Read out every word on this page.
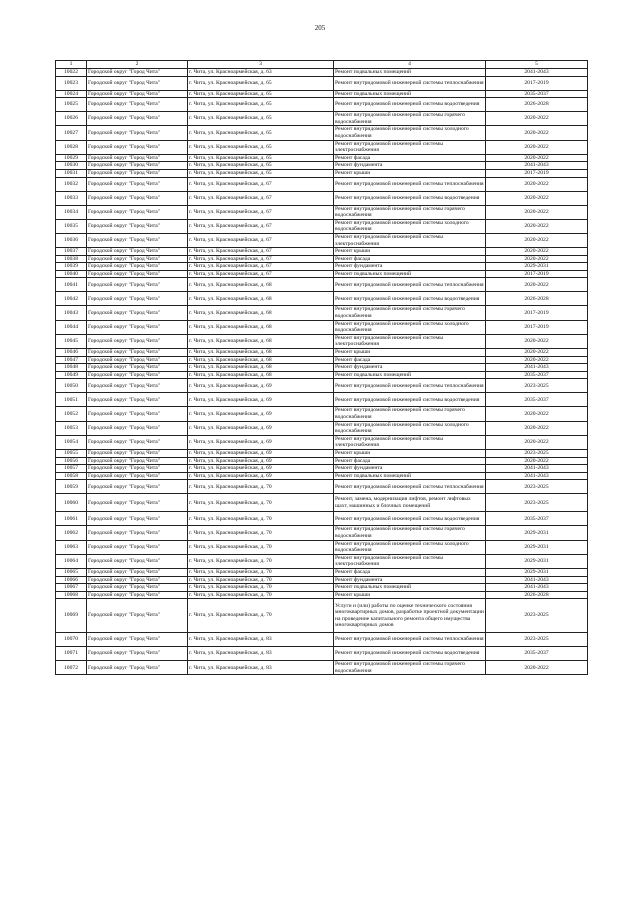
205
1	2	3	4	5
10022	Городской округ "Город Чита"	г. Чита, ул. Красноармейская, д. 63	Ремонт подвальных помещений	2041-2043
10023	Городской округ "Город Чита"	г. Чита, ул. Красноармейская, д. 65	Ремонт внутридомовой инженерной системы теплоснабжения	2017-2019
10024	Городской округ "Город Чита"	г. Чита, ул. Красноармейская, д. 65	Ремонт подвальных помещений	2035-2037
10025	Городской округ "Город Чита"	г. Чита, ул. Красноармейская, д. 65	Ремонт внутридомовой инженерной системы водоотведения	2026-2028
10026	Городской округ "Город Чита"	г. Чита, ул. Красноармейская, д. 65	Ремонт внутридомовой инженерной системы горячего водоснабжения	2020-2022
10027	Городской округ "Город Чита"	г. Чита, ул. Красноармейская, д. 65	Ремонт внутридомовой инженерной системы холодного водоснабжения	2020-2022
10028	Городской округ "Город Чита"	г. Чита, ул. Красноармейская, д. 65	Ремонт внутридомовой инженерной системы электроснабжения	2020-2022
10029	Городской округ "Город Чита"	г. Чита, ул. Красноармейская, д. 65	Ремонт фасада	2020-2022
10030	Городской округ "Город Чита"	г. Чита, ул. Красноармейская, д. 65	Ремонт фундамента	2041-2043
10031	Городской округ "Город Чита"	г. Чита, ул. Красноармейская, д. 65	Ремонт крыши	2017-2019
10032	Городской округ "Город Чита"	г. Чита, ул. Красноармейская, д. 67	Ремонт внутридомовой инженерной системы теплоснабжения	2020-2022
10033	Городской округ "Город Чита"	г. Чита, ул. Красноармейская, д. 67	Ремонт внутридомовой инженерной системы водоотведения	2020-2022
10034	Городской округ "Город Чита"	г. Чита, ул. Красноармейская, д. 67	Ремонт внутридомовой инженерной системы горячего водоснабжения	2020-2022
10035	Городской округ "Город Чита"	г. Чита, ул. Красноармейская, д. 67	Ремонт внутридомовой инженерной системы холодного водоснабжения	2020-2022
10036	Городской округ "Город Чита"	г. Чита, ул. Красноармейская, д. 67	Ремонт внутридомовой инженерной системы электроснабжения	2020-2022
10037	Городской округ "Город Чита"	г. Чита, ул. Красноармейская, д. 67	Ремонт крыши	2020-2022
10038	Городской округ "Город Чита"	г. Чита, ул. Красноармейская, д. 67	Ремонт фасада	2020-2022
10039	Городской округ "Город Чита"	г. Чита, ул. Красноармейская, д. 67	Ремонт фундамента	2029-2031
10040	Городской округ "Город Чита"	г. Чита, ул. Красноармейская, д. 67	Ремонт подвальных помещений	2017-2019
10041	Городской округ "Город Чита"	г. Чита, ул. Красноармейская, д. 68	Ремонт внутридомовой инженерной системы теплоснабжения	2020-2022
10042	Городской округ "Город Чита"	г. Чита, ул. Красноармейская, д. 68	Ремонт внутридомовой инженерной системы водоотведения	2026-2028
10043	Городской округ "Город Чита"	г. Чита, ул. Красноармейская, д. 68	Ремонт внутридомовой инженерной системы горячего водоснабжения	2017-2019
10044	Городской округ "Город Чита"	г. Чита, ул. Красноармейская, д. 68	Ремонт внутридомовой инженерной системы холодного водоснабжения	2017-2019
10045	Городской округ "Город Чита"	г. Чита, ул. Красноармейская, д. 68	Ремонт внутридомовой инженерной системы электроснабжения	2020-2022
10046	Городской округ "Город Чита"	г. Чита, ул. Красноармейская, д. 68	Ремонт крыши	2020-2022
10047	Городской округ "Город Чита"	г. Чита, ул. Красноармейская, д. 68	Ремонт фасада	2020-2022
10048	Городской округ "Город Чита"	г. Чита, ул. Красноармейская, д. 68	Ремонт фундамента	2041-2043
10049	Городской округ "Город Чита"	г. Чита, ул. Красноармейская, д. 68	Ремонт подвальных помещений	2035-2037
10050	Городской округ "Город Чита"	г. Чита, ул. Красноармейская, д. 69	Ремонт внутридомовой инженерной системы теплоснабжения	2023-2025
10051	Городской округ "Город Чита"	г. Чита, ул. Красноармейская, д. 69	Ремонт внутридомовой инженерной системы водоотведения	2035-2037
10052	Городской округ "Город Чита"	г. Чита, ул. Красноармейская, д. 69	Ремонт внутридомовой инженерной системы горячего водоснабжения	2020-2022
10053	Городской округ "Город Чита"	г. Чита, ул. Красноармейская, д. 69	Ремонт внутридомовой инженерной системы холодного водоснабжения	2020-2022
10054	Городской округ "Город Чита"	г. Чита, ул. Красноармейская, д. 69	Ремонт внутридомовой инженерной системы электроснабжения	2020-2022
10055	Городской округ "Город Чита"	г. Чита, ул. Красноармейская, д. 69	Ремонт крыши	2023-2025
10056	Городской округ "Город Чита"	г. Чита, ул. Красноармейская, д. 69	Ремонт фасада	2020-2022
10057	Городской округ "Город Чита"	г. Чита, ул. Красноармейская, д. 69	Ремонт фундамента	2041-2043
10058	Городской округ "Город Чита"	г. Чита, ул. Красноармейская, д. 69	Ремонт подвальных помещений	2041-2043
10059	Городской округ "Город Чита"	г. Чита, ул. Красноармейская, д. 70	Ремонт внутридомовой инженерной системы теплоснабжения	2023-2025
10060	Городской округ "Город Чита"	г. Чита, ул. Красноармейская, д. 70	Ремонт, замена, модернизация лифтов, ремонт лифтовых шахт, машинных и блочных помещений	2023-2025
10061	Городской округ "Город Чита"	г. Чита, ул. Красноармейская, д. 70	Ремонт внутридомовой инженерной системы водоотведения	2035-2037
10062	Городской округ "Город Чита"	г. Чита, ул. Красноармейская, д. 70	Ремонт внутридомовой инженерной системы горячего водоснабжения	2029-2031
10063	Городской округ "Город Чита"	г. Чита, ул. Красноармейская, д. 70	Ремонт внутридомовой инженерной системы холодного водоснабжения	2029-2031
10064	Городской округ "Город Чита"	г. Чита, ул. Красноармейская, д. 70	Ремонт внутридомовой инженерной системы электроснабжения	2029-2031
10065	Городской округ "Город Чита"	г. Чита, ул. Красноармейская, д. 70	Ремонт фасада	2029-2031
10066	Городской округ "Город Чита"	г. Чита, ул. Красноармейская, д. 70	Ремонт фундамента	2041-2043
10067	Городской округ "Город Чита"	г. Чита, ул. Красноармейская, д. 70	Ремонт подвальных помещений	2041-2043
10068	Городской округ "Город Чита"	г. Чита, ул. Красноармейская, д. 70	Ремонт крыши	2026-2028
10069	Городской округ "Город Чита"	г. Чита, ул. Красноармейская, д. 70	Услуги и (или) работы по оценке технического состояния многоквартирных домов, разработке проектной документации на проведение капитального ремонта общего имущества многоквартирных домов	2023-2025
10070	Городской округ "Город Чита"	г. Чита, ул. Красноармейская, д. 83	Ремонт внутридомовой инженерной системы теплоснабжения	2023-2025
10071	Городской округ "Город Чита"	г. Чита, ул. Красноармейская, д. 83	Ремонт внутридомовой инженерной системы водоотведения	2035-2037
10072	Городской округ "Город Чита"	г. Чита, ул. Красноармейская, д. 83	Ремонт внутридомовой инженерной системы горячего водоснабжения	2020-2022
